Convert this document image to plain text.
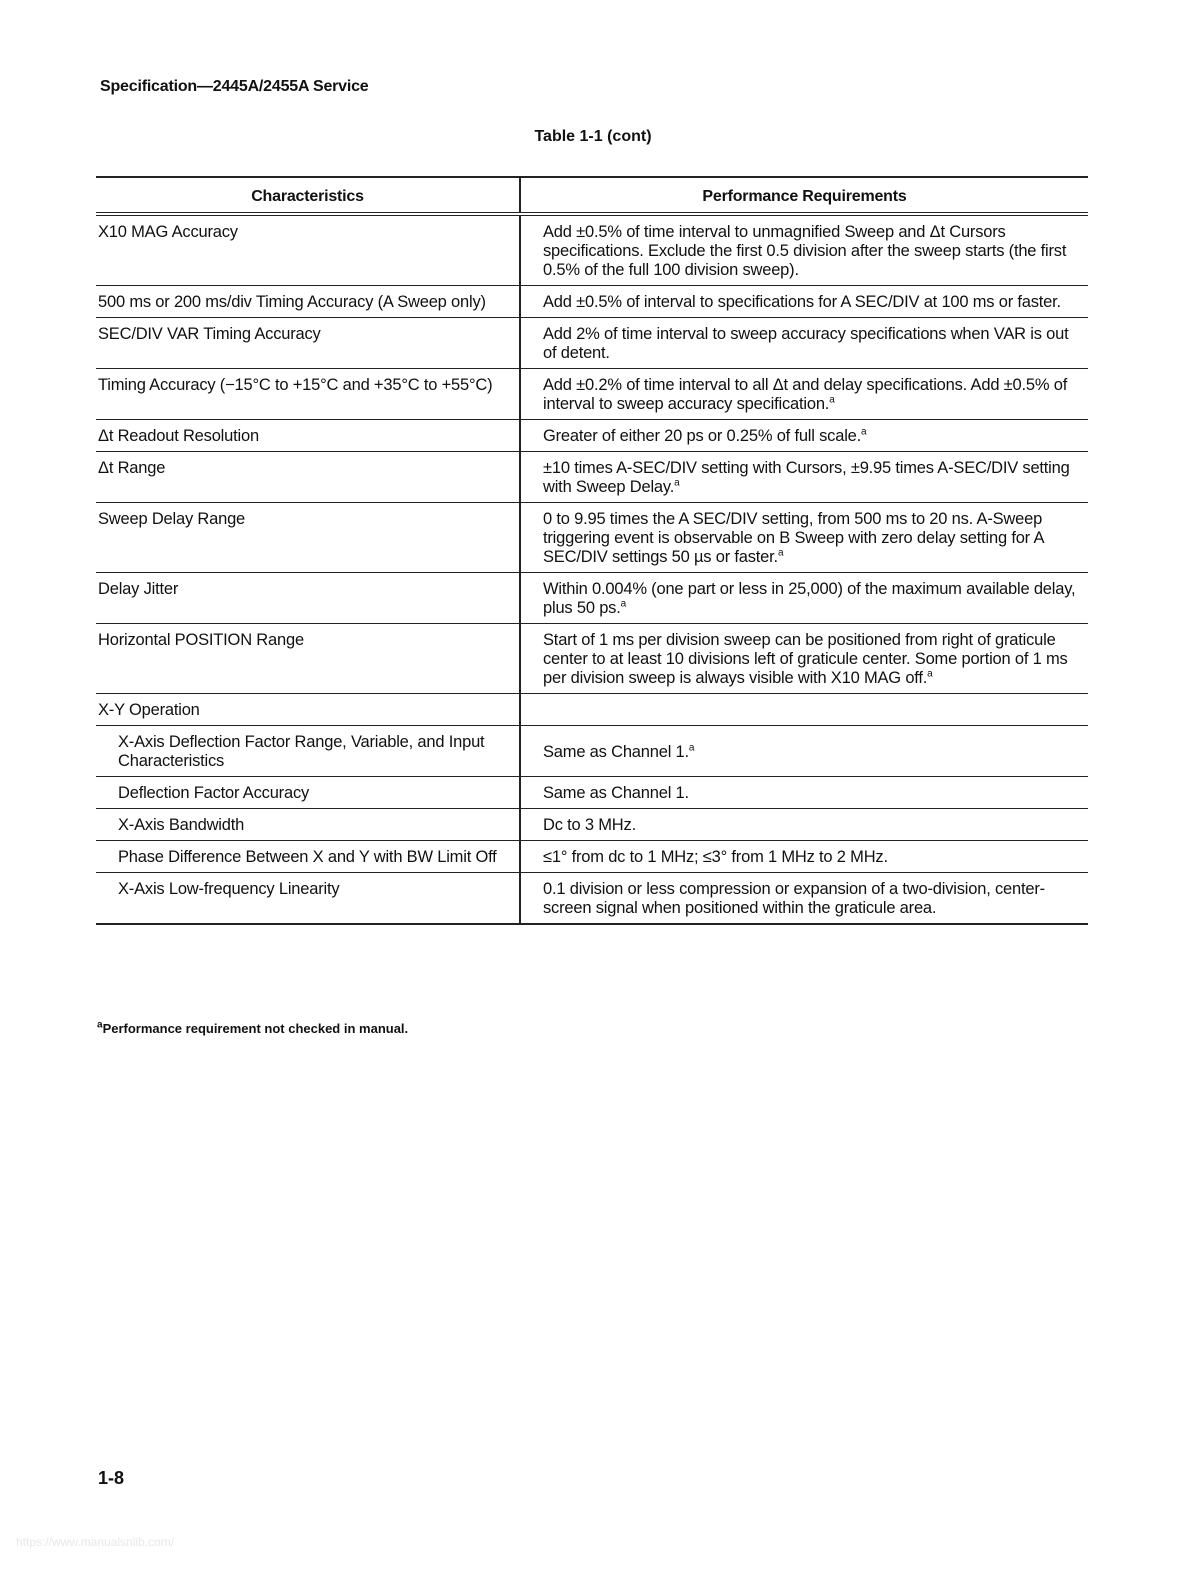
Specification—2445A/2455A Service
Table 1-1 (cont)
Characteristics	Performance Requirements
X10 MAG Accuracy	Add ±0.5% of time interval to unmagnified Sweep and Δt Cursors specifications. Exclude the first 0.5 division after the sweep starts (the first 0.5% of the full 100 division sweep).
500 ms or 200 ms/div Timing Accuracy (A Sweep only)	Add ±0.5% of interval to specifications for A SEC/DIV at 100 ms or faster.
SEC/DIV VAR Timing Accuracy	Add 2% of time interval to sweep accuracy specifications when VAR is out of detent.
Timing Accuracy (−15°C to +15°C and +35°C to +55°C)	Add ±0.2% of time interval to all Δt and delay specifications. Add ±0.5% of interval to sweep accuracy specification.$^a$
Δt Readout Resolution	Greater of either 20 ps or 0.25% of full scale.$^a$
Δt Range	±10 times A-SEC/DIV setting with Cursors, ±9.95 times A-SEC/DIV setting with Sweep Delay.$^a$
Sweep Delay Range	0 to 9.95 times the A SEC/DIV setting, from 500 ms to 20 ns. A-Sweep triggering event is observable on B Sweep with zero delay setting for A SEC/DIV settings 50 µs or faster.$^a$
Delay Jitter	Within 0.004% (one part or less in 25,000) of the maximum available delay, plus 50 ps.$^a$
Horizontal POSITION Range	Start of 1 ms per division sweep can be positioned from right of graticule center to at least 10 divisions left of graticule center. Some portion of 1 ms per division sweep is always visible with X10 MAG off.$^a$
X-Y Operation	
X-Axis Deflection Factor Range, Variable, and Input Characteristics	Same as Channel 1.$^a$
Deflection Factor Accuracy	Same as Channel 1.
X-Axis Bandwidth	Dc to 3 MHz.
Phase Difference Between X and Y with BW Limit Off	≤1° from dc to 1 MHz; ≤3° from 1 MHz to 2 MHz.
X-Axis Low-frequency Linearity	0.1 division or less compression or expansion of a two-division, center-screen signal when positioned within the graticule area.
$^a$Performance requirement not checked in manual.
1-8
https://www.manualsnlib.com/
